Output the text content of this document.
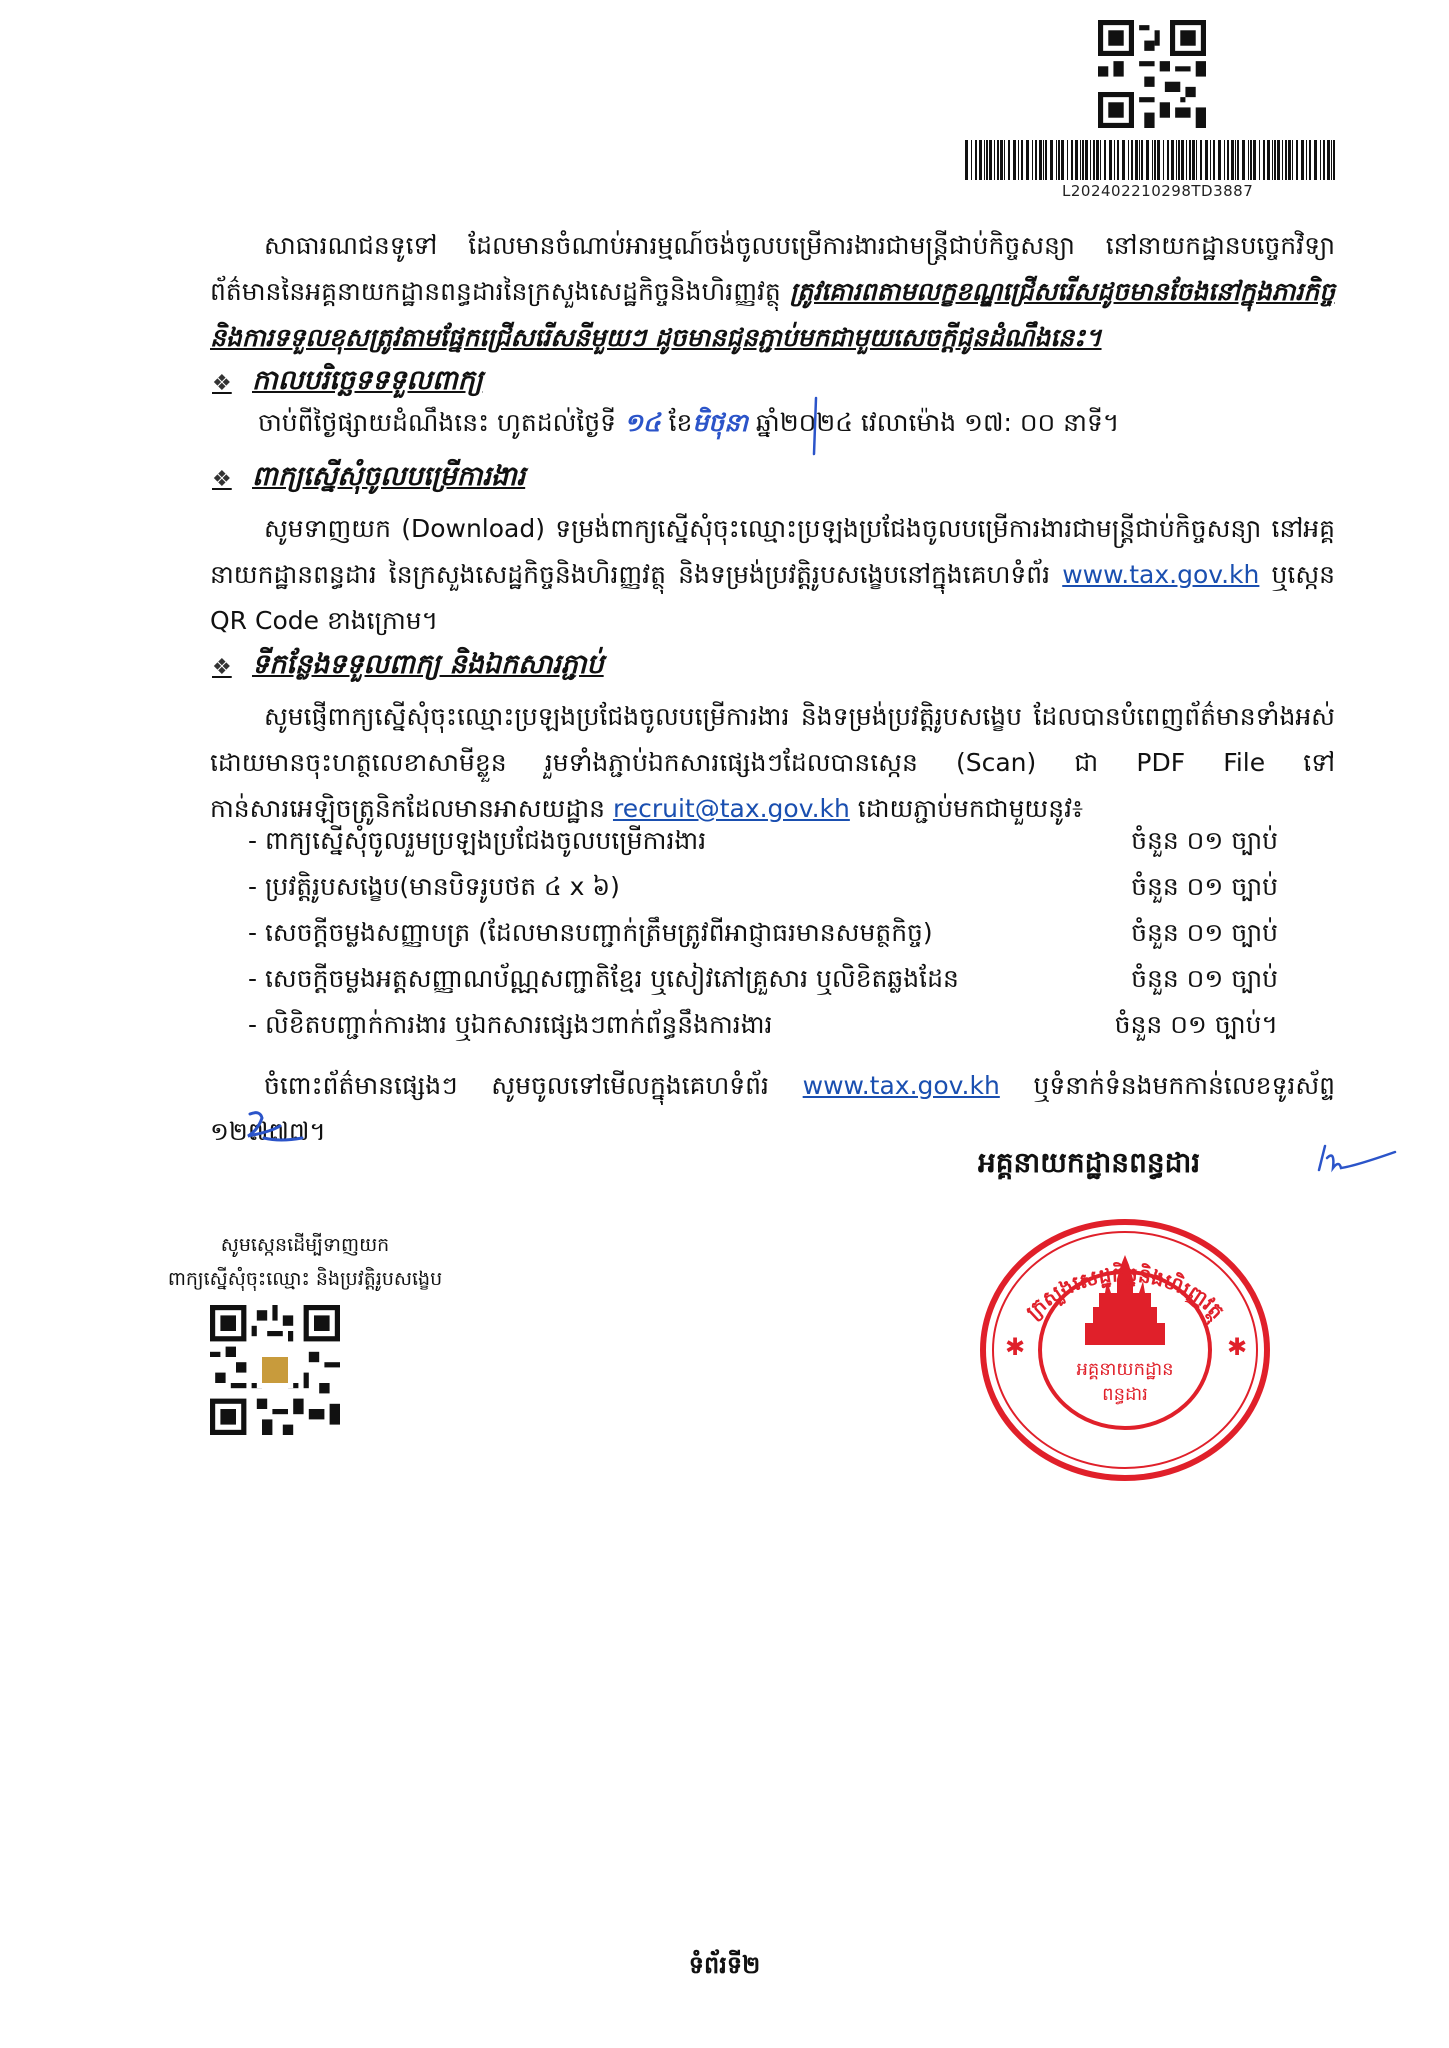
L202402210298TD3887
សាធារណជនទូទៅ ដែលមានចំណាប់អារម្មណ៍ចង់ចូលបម្រើការងារជាមន្ត្រីជាប់កិច្ចសន្យា នៅនាយកដ្ឋានបច្ចេកវិទ្យាព័ត៌មាននៃអគ្គនាយកដ្ឋានពន្ធដារនៃក្រសួងសេដ្ឋកិច្ចនិងហិរញ្ញវត្ថុ ត្រូវគោរពតាមលក្ខខណ្ឌជ្រើសរើសដូចមានចែងនៅក្នុងភារកិច្ចនិងការទទួលខុសត្រូវតាមផ្នែកជ្រើសរើសនីមួយៗ ដូចមានជូនភ្ជាប់មកជាមួយសេចក្ដីជូនដំណឹងនេះ។
❖ កាលបរិច្ឆេទទទួលពាក្យ
ចាប់ពីថ្ងៃផ្សាយដំណឹងនេះ ហូតដល់ថ្ងៃទី ១៤ ខែមិថុនា ឆ្នាំ២០២៤ វេលាម៉ោង ១៧: ០០ នាទី។
❖ ពាក្យស្នើសុំចូលបម្រើការងារ
សូមទាញយក (Download) ទម្រង់ពាក្យស្នើសុំចុះឈ្មោះប្រឡងប្រជែងចូលបម្រើការងារជាមន្ត្រីជាប់កិច្ចសន្យា នៅអគ្គនាយកដ្ឋានពន្ធដារ នៃក្រសួងសេដ្ឋកិច្ចនិងហិរញ្ញវត្ថុ និងទម្រង់ប្រវត្តិរូបសង្ខេបនៅក្នុងគេហទំព័រ www.tax.gov.kh ឬស្កេន QR Code ខាងក្រោម។
❖ ទីកន្លែងទទួលពាក្យ និងឯកសារភ្ជាប់
សូមផ្ញើពាក្យស្នើសុំចុះឈ្មោះប្រឡងប្រជែងចូលបម្រើការងារ និងទម្រង់ប្រវត្តិរូបសង្ខេប ដែលបានបំពេញព័ត៌មានទាំងអស់ ដោយមានចុះហត្ថលេខាសាមីខ្លួន រួមទាំងភ្ជាប់ឯកសារផ្សេងៗដែលបានស្កេន (Scan) ជា PDF File ទៅកាន់សារអេឡិចត្រូនិកដែលមានអាសយដ្ឋាន recruit@tax.gov.kh ដោយភ្ជាប់មកជាមួយនូវ៖
- ពាក្យស្នើសុំចូលរួមប្រឡងប្រជែងចូលបម្រើការងារ	ចំនួន ០១ ច្បាប់
- ប្រវត្តិរូបសង្ខេប(មានបិទរូបថត ៤ x ៦)	ចំនួន ០១ ច្បាប់
- សេចក្ដីចម្លងសញ្ញាបត្រ (ដែលមានបញ្ជាក់ត្រឹមត្រូវពីអាជ្ញាធរមានសមត្ថកិច្ច)	ចំនួន ០១ ច្បាប់
- សេចក្ដីចម្លងអត្តសញ្ញាណប័ណ្ណសញ្ជាតិខ្មែរ ឬសៀវភៅគ្រួសារ ឬលិខិតឆ្លងដែន	ចំនួន ០១ ច្បាប់
- លិខិតបញ្ជាក់ការងារ ឬឯកសារផ្សេងៗពាក់ព័ន្ធនឹងការងារ	ចំនួន ០១ ច្បាប់។
ចំពោះព័ត៌មានផ្សេងៗ សូមចូលទៅមើលក្នុងគេហទំព័រ www.tax.gov.kh ឬទំនាក់ទំនងមកកាន់លេខទូរស័ព្ទ ១២៧៧៧។
អគ្គនាយកដ្ឋានពន្ធដារ
✱	✱
អគ្គនាយកដ្ឋាន
ពន្ធដារ
ក្រសួងសេដ្ឋកិច្ចនិងហិរញ្ញវត្ថុ
សូមស្កេនដើម្បីទាញយក
ពាក្យស្នើសុំចុះឈ្មោះ និងប្រវត្តិរូបសង្ខេប
ទំព័រទី២
